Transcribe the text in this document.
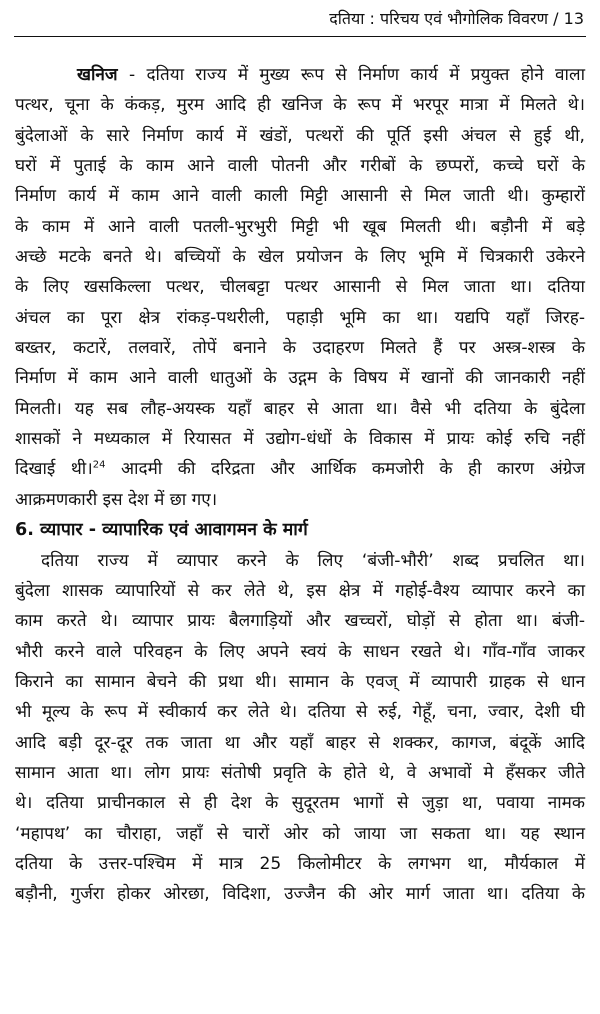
दतिया : परिचय एवं भौगोलिक विवरण / 13
खनिज - दतिया राज्य में मुख्य रूप से निर्माण कार्य में प्रयुक्त होने वाला
पत्थर, चूना के कंकड़, मुरम आदि ही खनिज के रूप में भरपूर मात्रा में मिलते थे।
बुंदेलाओं के सारे निर्माण कार्य में खंडों, पत्थरों की पूर्ति इसी अंचल से हुई थी,
घरों में पुताई के काम आने वाली पोतनी और गरीबों के छप्परों, कच्चे घरों के
निर्माण कार्य में काम आने वाली काली मिट्टी आसानी से मिल जाती थी। कुम्हारों
के काम में आने वाली पतली-भुरभुरी मिट्टी भी खूब मिलती थी। बड़ौनी में बड़े
अच्छे मटके बनते थे। बच्चियों के खेल प्रयोजन के लिए भूमि में चित्रकारी उकेरने
के लिए खसकिल्ला पत्थर, चीलबट्टा पत्थर आसानी से मिल जाता था। दतिया
अंचल का पूरा क्षेत्र रांकड़-पथरीली, पहाड़ी भूमि का था। यद्यपि यहाँ जिरह-
बख्तर, कटारें, तलवारें, तोपें बनाने के उदाहरण मिलते हैं पर अस्त्र-शस्त्र के
निर्माण में काम आने वाली धातुओं के उद्गम के विषय में खानों की जानकारी नहीं
मिलती। यह सब लौह-अयस्क यहाँ बाहर से आता था। वैसे भी दतिया के बुंदेला
शासकों ने मध्यकाल में रियासत में उद्योग-धंधों के विकास में प्रायः कोई रुचि नहीं
दिखाई थी।$^{24}$ आदमी की दरिद्रता और आर्थिक कमजोरी के ही कारण अंग्रेज
आक्रमणकारी इस देश में छा गए।
6. व्यापार - व्यापारिक एवं आवागमन के मार्ग
दतिया राज्य में व्यापार करने के लिए ‘बंजी-भौरी’ शब्द प्रचलित था।
बुंदेला शासक व्यापारियों से कर लेते थे, इस क्षेत्र में गहोई-वैश्य व्यापार करने का
काम करते थे। व्यापार प्रायः बैलगाड़ियों और खच्चरों, घोड़ों से होता था। बंजी-
भौरी करने वाले परिवहन के लिए अपने स्वयं के साधन रखते थे। गाँव-गाँव जाकर
किराने का सामान बेचने की प्रथा थी। सामान के एवज् में व्यापारी ग्राहक से धान
भी मूल्य के रूप में स्वीकार्य कर लेते थे। दतिया से रुई, गेहूँ, चना, ज्वार, देशी घी
आदि बड़ी दूर-दूर तक जाता था और यहाँ बाहर से शक्कर, कागज, बंदूकें आदि
सामान आता था। लोग प्रायः संतोषी प्रवृति के होते थे, वे अभावों मे हँसकर जीते
थे। दतिया प्राचीनकाल से ही देश के सुदूरतम भागों से जुड़ा था, पवाया नामक
‘महापथ’ का चौराहा, जहाँ से चारों ओर को जाया जा सकता था। यह स्थान
दतिया के उत्तर-पश्चिम में मात्र 25 किलोमीटर के लगभग था, मौर्यकाल में
बड़ौनी, गुर्जरा होकर ओरछा, विदिशा, उज्जैन की ओर मार्ग जाता था। दतिया के
